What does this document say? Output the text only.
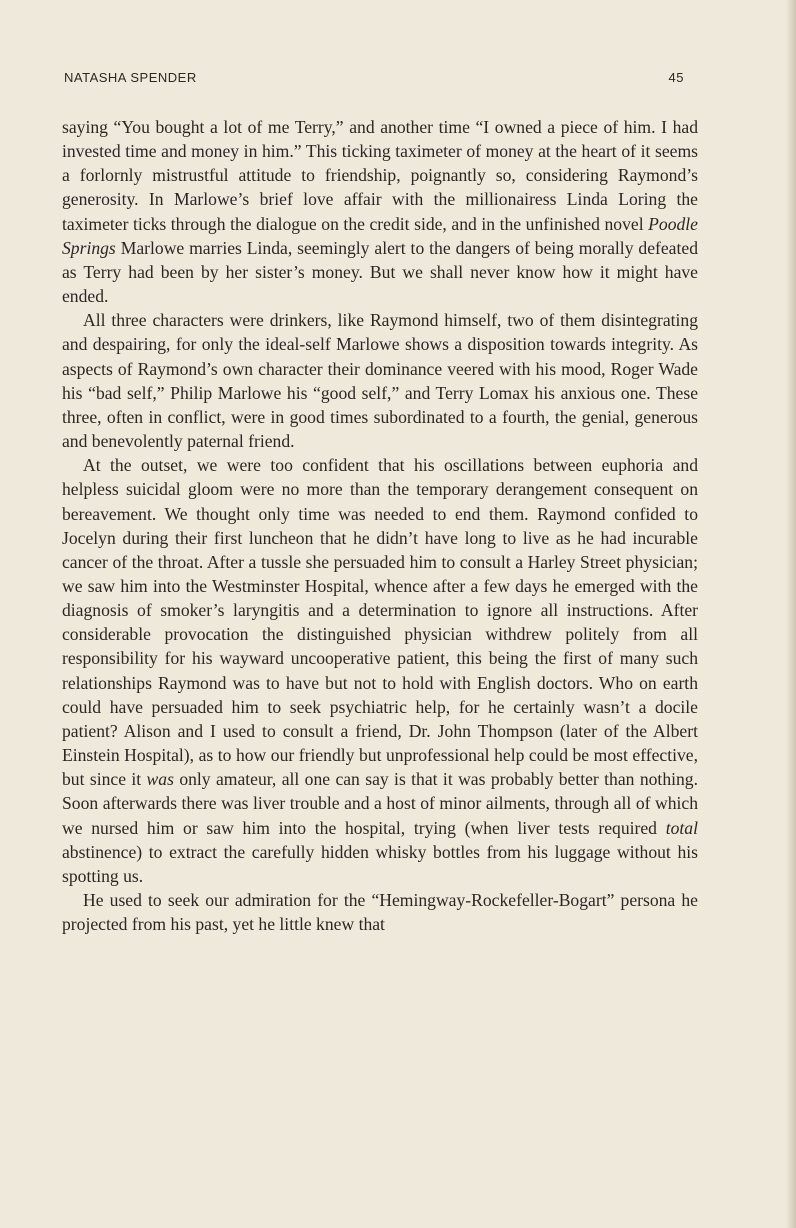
NATASHA SPENDER	45

saying “You bought a lot of me Terry,” and another time “I owned a piece of him. I had invested time and money in him.” This ticking taximeter of money at the heart of it seems a forlornly mistrustful attitude to friendship, poignantly so, considering Raymond’s generosity. In Marlowe’s brief love affair with the millionairess Linda Loring the taximeter ticks through the dialogue on the credit side, and in the unfinished novel Poodle Springs Marlowe marries Linda, seemingly alert to the dangers of being morally defeated as Terry had been by her sister’s money. But we shall never know how it might have ended.

All three characters were drinkers, like Raymond himself, two of them disintegrating and despairing, for only the ideal-self Marlowe shows a disposition towards integrity. As aspects of Raymond’s own character their dominance veered with his mood, Roger Wade his “bad self,” Philip Marlowe his “good self,” and Terry Lomax his anxious one. These three, often in conflict, were in good times subordinated to a fourth, the genial, generous and benevolently paternal friend.

At the outset, we were too confident that his oscillations between euphoria and helpless suicidal gloom were no more than the temporary derangement consequent on bereavement. We thought only time was needed to end them. Raymond confided to Jocelyn during their first luncheon that he didn’t have long to live as he had incurable cancer of the throat. After a tussle she persuaded him to consult a Harley Street physician; we saw him into the Westminster Hospital, whence after a few days he emerged with the diagnosis of smoker’s laryngitis and a determination to ignore all instructions. After considerable provocation the distinguished physician withdrew politely from all responsibility for his wayward uncooperative patient, this being the first of many such relationships Raymond was to have but not to hold with English doctors. Who on earth could have persuaded him to seek psychiatric help, for he certainly wasn’t a docile patient? Alison and I used to consult a friend, Dr. John Thompson (later of the Albert Einstein Hospital), as to how our friendly but unprofessional help could be most effective, but since it was only amateur, all one can say is that it was probably better than nothing. Soon afterwards there was liver trouble and a host of minor ailments, through all of which we nursed him or saw him into the hospital, trying (when liver tests required total abstinence) to extract the carefully hidden whisky bottles from his luggage without his spotting us.

He used to seek our admiration for the “Hemingway-Rockefeller-Bogart” persona he projected from his past, yet he little knew that
